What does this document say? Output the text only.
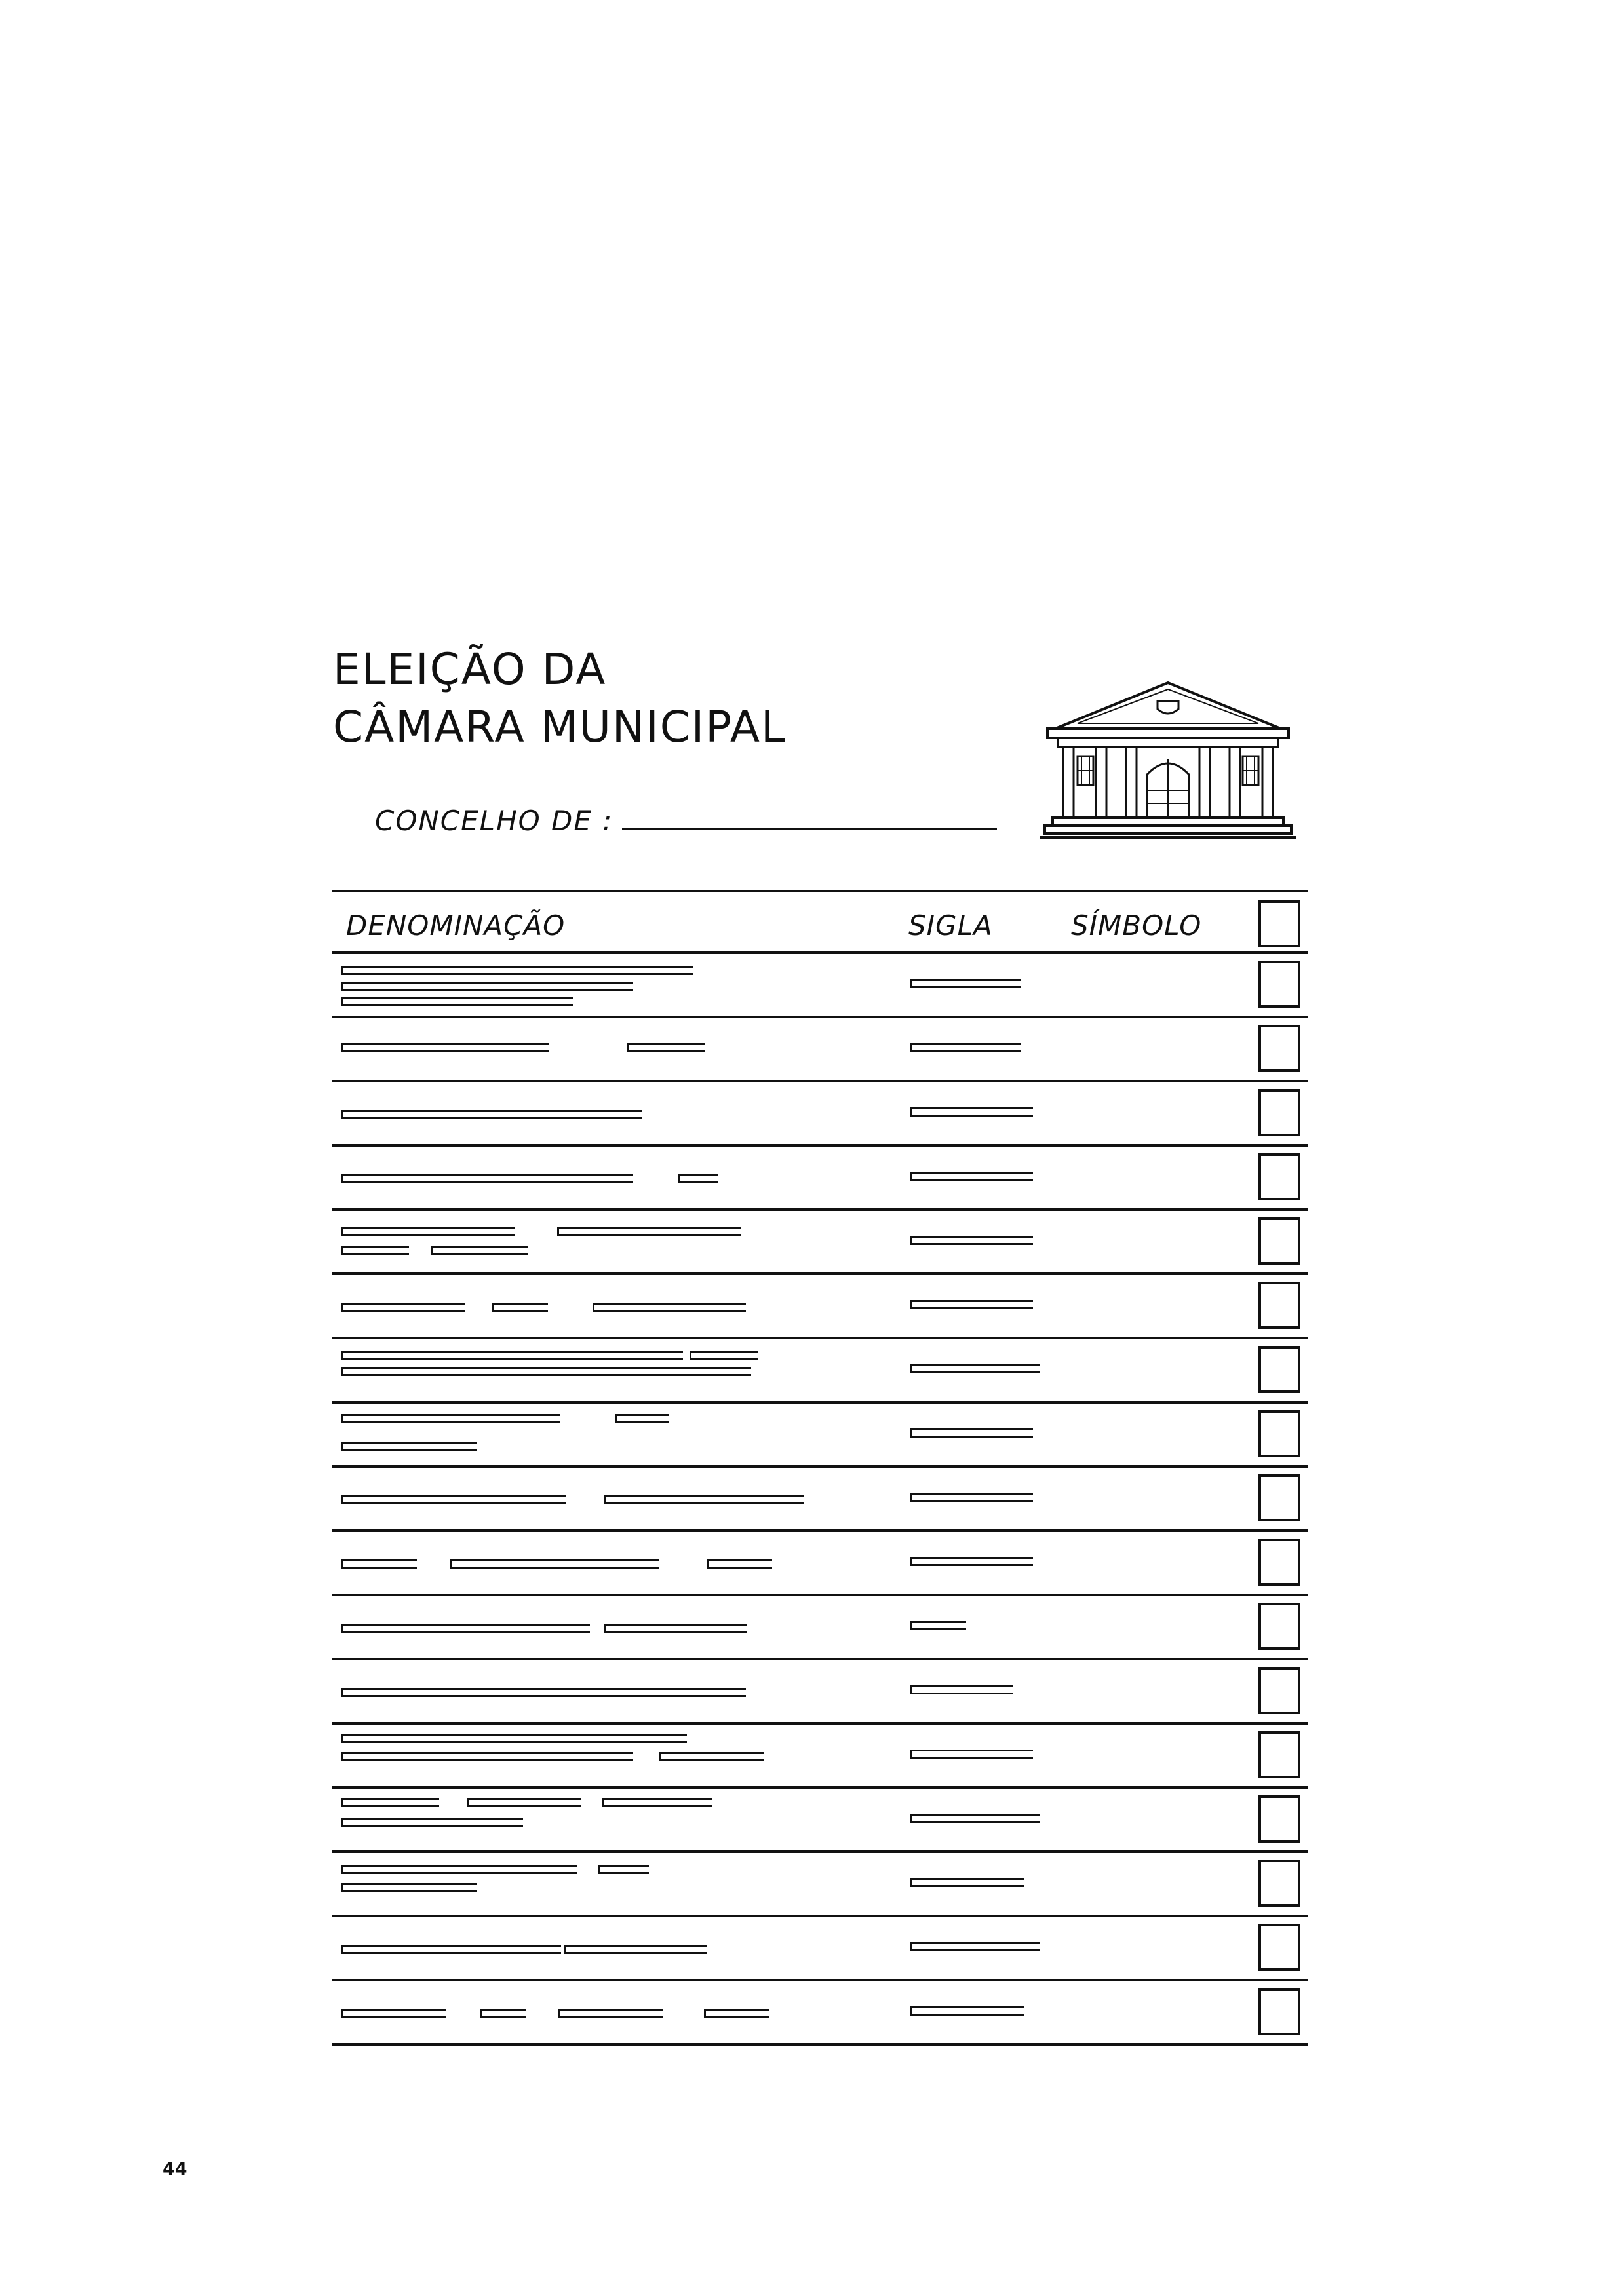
ELEIÇÃO DA
CÂMARA MUNICIPAL
CONCELHO DE :
DENOMINAÇÃO	SIGLA	SÍMBOLO
44
